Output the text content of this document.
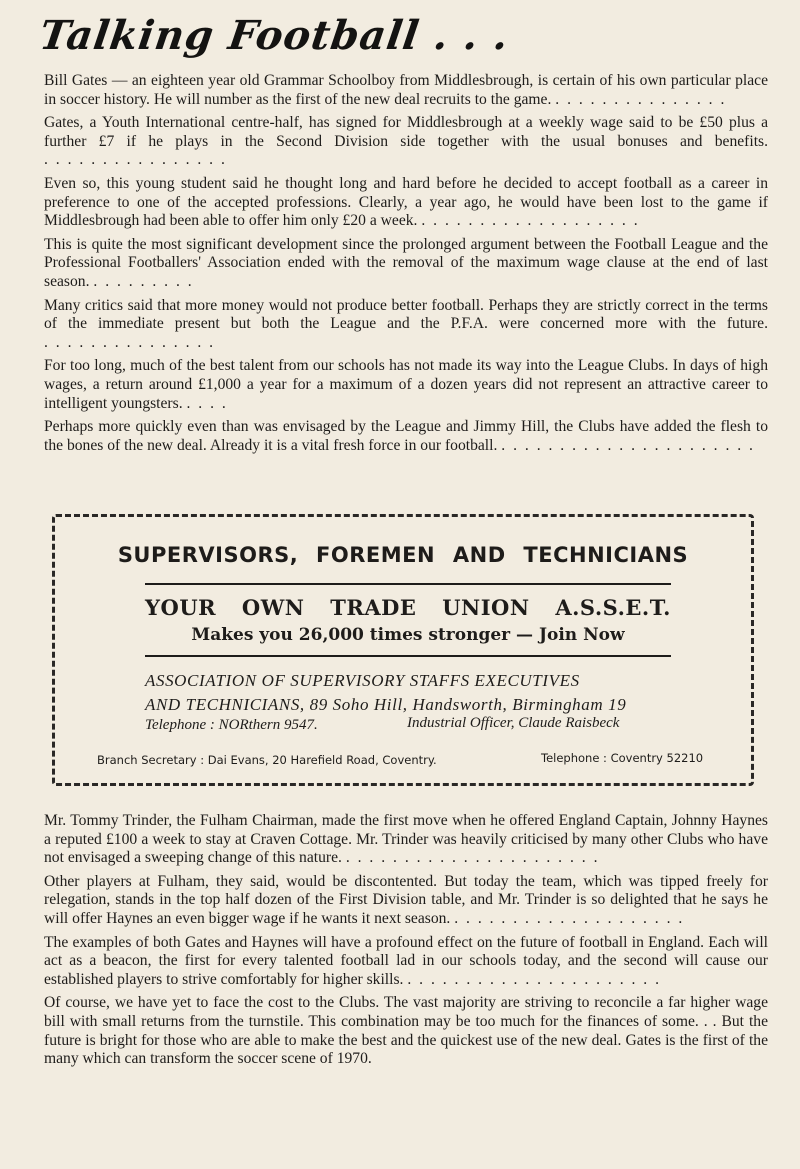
Talking Football . . .

Bill Gates — an eighteen year old Grammar Schoolboy from Middlesbrough, is certain of his own particular place in soccer history. He will number as the first of the new deal recruits to the game. . . . . . . . . . . . . . . .

Gates, a Youth International centre-half, has signed for Middlesbrough at a weekly wage said to be £50 plus a further £7 if he plays in the Second Division side together with the usual bonuses and benefits. . . . . . . . . . . . . . . . .

Even so, this young student said he thought long and hard before he decided to accept football as a career in preference to one of the accepted professions. Clearly, a year ago, he would have been lost to the game if Middlesbrough had been able to offer him only £20 a week. . . . . . . . . . . . . . . . . . . .

This is quite the most significant development since the prolonged argument between the Football League and the Professional Footballers' Association ended with the removal of the maximum wage clause at the end of last season. . . . . . . . . .

Many critics said that more money would not produce better football. Perhaps they are strictly correct in the terms of the immediate present but both the League and the P.F.A. were concerned more with the future. . . . . . . . . . . . . . . .

For too long, much of the best talent from our schools has not made its way into the League Clubs. In days of high wages, a return around £1,000 a year for a maximum of a dozen years did not represent an attractive career to intelligent youngsters. . . . .

Perhaps more quickly even than was envisaged by the League and Jimmy Hill, the Clubs have added the flesh to the bones of the new deal. Already it is a vital fresh force in our football. . . . . . . . . . . . . . . . . . . . . . .

SUPERVISORS, FOREMEN AND TECHNICIANS
YOUR OWN TRADE UNION A.S.S.E.T.
Makes you 26,000 times stronger — Join Now
ASSOCIATION OF SUPERVISORY STAFFS EXECUTIVES
AND TECHNICIANS, 89 Soho Hill, Handsworth, Birmingham 19
Telephone : NORthern 9547.	Industrial Officer, Claude Raisbeck
Branch Secretary : Dai Evans, 20 Harefield Road, Coventry.	Telephone : Coventry 52210

Mr. Tommy Trinder, the Fulham Chairman, made the first move when he offered England Captain, Johnny Haynes a reputed £100 a week to stay at Craven Cottage. Mr. Trinder was heavily criticised by many other Clubs who have not envisaged a sweeping change of this nature. . . . . . . . . . . . . . . . . . . . . . .

Other players at Fulham, they said, would be discontented. But today the team, which was tipped freely for relegation, stands in the top half dozen of the First Division table, and Mr. Trinder is so delighted that he says he will offer Haynes an even bigger wage if he wants it next season. . . . . . . . . . . . . . . . . . . . .

The examples of both Gates and Haynes will have a profound effect on the future of football in England. Each will act as a beacon, the first for every talented football lad in our schools today, and the second will cause our established players to strive comfortably for higher skills. . . . . . . . . . . . . . . . . . . . . . .

Of course, we have yet to face the cost to the Clubs. The vast majority are striving to reconcile a far higher wage bill with small returns from the turnstile. This combination may be too much for the finances of some. . . But the future is bright for those who are able to make the best and the quickest use of the new deal. Gates is the first of the many which can transform the soccer scene of 1970.
